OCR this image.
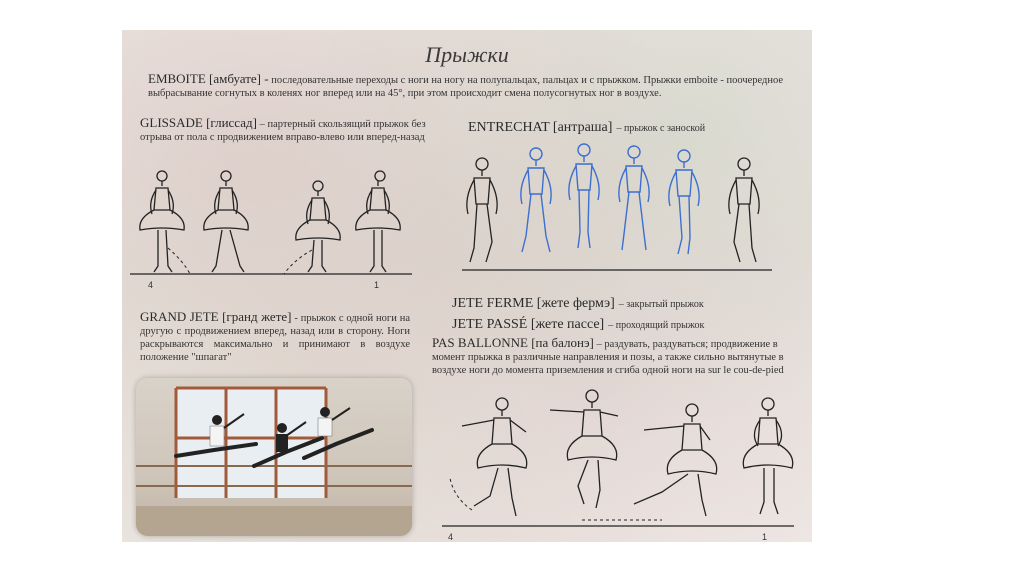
Прыжки
EMBOITE [амбуате] - последовательные переходы с ноги на ногу на полупальцах, пальцах и с прыжком. Прыжки emboite - поочередное выбрасывание согнутых в коленях ног вперед или на 45°, при этом происходит смена полусогнутых ног в воздухе.
GLISSADE [глиссад] – партерный скользящий прыжок без отрыва от пола с продвижением вправо-влево или вперед-назад
ENTRECHAT [антраша] – прыжок с заноской
4	1
GRAND JETE [гранд жете] - прыжок с одной ноги на другую с продвижением вперед, назад или в сторону. Ноги раскрываются максимально и принимают в воздухе положение "шпагат"
JETE FERME [жете фермэ] – закрытый прыжок
JETE PASSÉ [жете пассе] – проходящий прыжок
PAS BALLONNE [па балонэ] – раздувать, раздуваться; продвижение в момент прыжка в различные направления и позы, а также сильно вытянутые в воздухе ноги до момента приземления и сгиба одной ноги на sur le cou-de-pied
4	1
